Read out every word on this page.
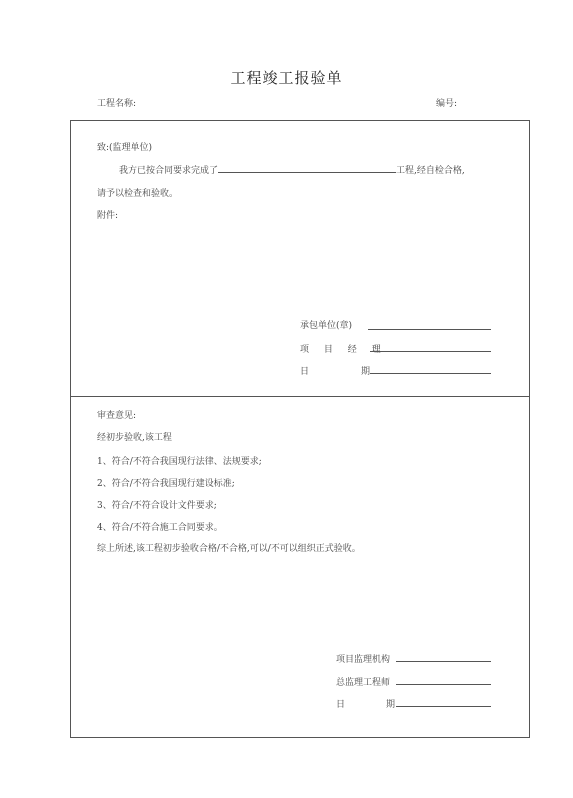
工程竣工报验单
工程名称:	编号:
致:(监理单位)
我方已按合同要求完成了	工程,经自检合格,
请予以检查和验收。
附件:
承包单位(章)
项 目 经 理
日	期
审查意见:
经初步验收,该工程
1、符合/不符合我国现行法律、法规要求;
2、符合/不符合我国现行建设标准;
3、符合/不符合设计文件要求;
4、符合/不符合施工合同要求。
综上所述,该工程初步验收合格/不合格,可以/不可以组织正式验收。
项目监理机构
总监理工程师
日	期
